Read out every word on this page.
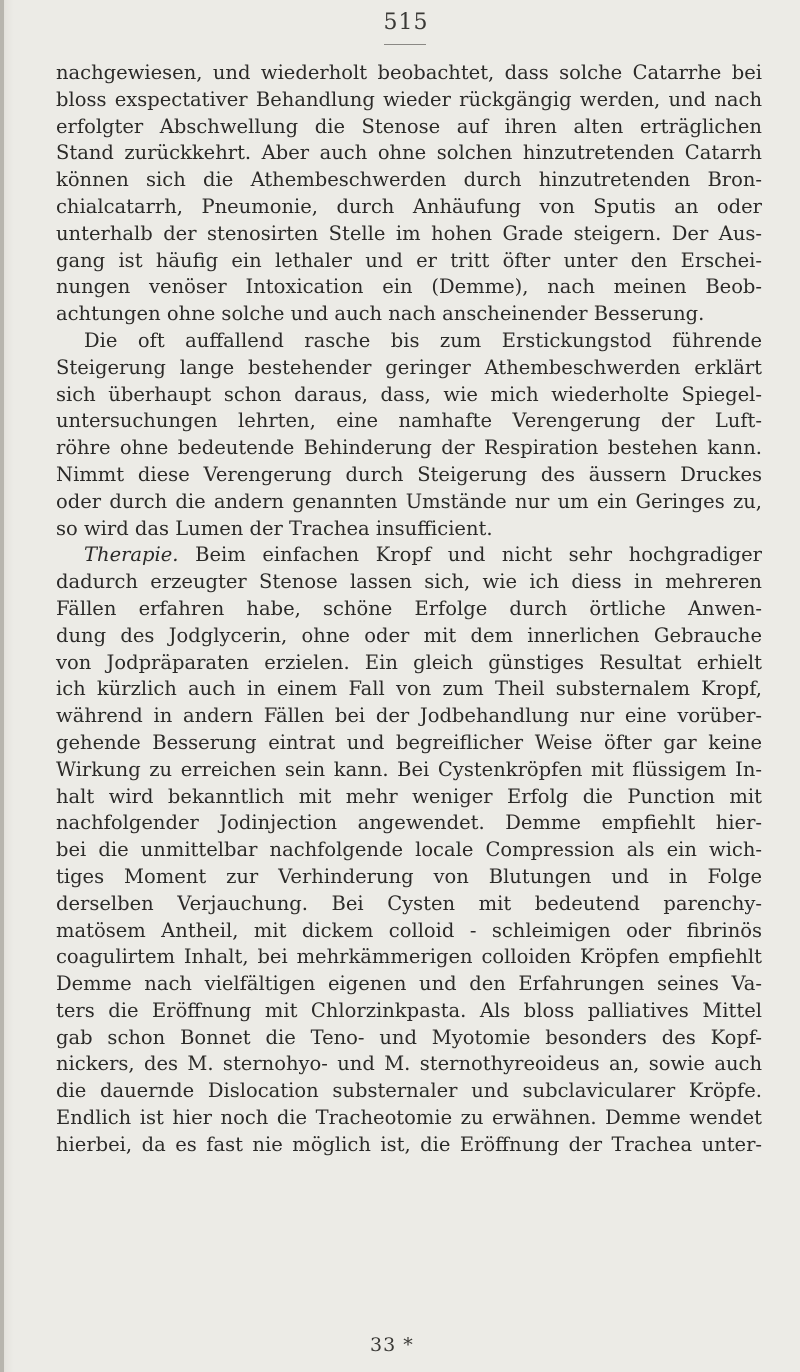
515
nachgewiesen, und wiederholt beobachtet, dass solche Catarrhe bei
bloss exspectativer Behandlung wieder rückgängig werden, und nach
erfolgter Abschwellung die Stenose auf ihren alten erträglichen
Stand zurückkehrt. Aber auch ohne solchen hinzutretenden Catarrh
können sich die Athembeschwerden durch hinzutretenden Bron-
chialcatarrh, Pneumonie, durch Anhäufung von Sputis an oder
unterhalb der stenosirten Stelle im hohen Grade steigern. Der Aus-
gang ist häufig ein lethaler und er tritt öfter unter den Erschei-
nungen venöser Intoxication ein (Demme), nach meinen Beob-
achtungen ohne solche und auch nach anscheinender Besserung.
Die oft auffallend rasche bis zum Erstickungstod führende
Steigerung lange bestehender geringer Athembeschwerden erklärt
sich überhaupt schon daraus, dass, wie mich wiederholte Spiegel-
untersuchungen lehrten, eine namhafte Verengerung der Luft-
röhre ohne bedeutende Behinderung der Respiration bestehen kann.
Nimmt diese Verengerung durch Steigerung des äussern Druckes
oder durch die andern genannten Umstände nur um ein Geringes zu,
so wird das Lumen der Trachea insufficient.
Therapie. Beim einfachen Kropf und nicht sehr hochgradiger
dadurch erzeugter Stenose lassen sich, wie ich diess in mehreren
Fällen erfahren habe, schöne Erfolge durch örtliche Anwen-
dung des Jodglycerin, ohne oder mit dem innerlichen Gebrauche
von Jodpräparaten erzielen. Ein gleich günstiges Resultat erhielt
ich kürzlich auch in einem Fall von zum Theil substernalem Kropf,
während in andern Fällen bei der Jodbehandlung nur eine vorüber-
gehende Besserung eintrat und begreiflicher Weise öfter gar keine
Wirkung zu erreichen sein kann. Bei Cystenkröpfen mit flüssigem In-
halt wird bekanntlich mit mehr weniger Erfolg die Punction mit
nachfolgender Jodinjection angewendet. Demme empfiehlt hier-
bei die unmittelbar nachfolgende locale Compression als ein wich-
tiges Moment zur Verhinderung von Blutungen und in Folge
derselben Verjauchung. Bei Cysten mit bedeutend parenchy-
matösem Antheil, mit dickem colloid - schleimigen oder fibrinös
coagulirtem Inhalt, bei mehrkämmerigen colloiden Kröpfen empfiehlt
Demme nach vielfältigen eigenen und den Erfahrungen seines Va-
ters die Eröffnung mit Chlorzinkpasta. Als bloss palliatives Mittel
gab schon Bonnet die Teno- und Myotomie besonders des Kopf-
nickers, des M. sternohyo- und M. sternothyreoideus an, sowie auch
die dauernde Dislocation substernaler und subclavicularer Kröpfe.
Endlich ist hier noch die Tracheotomie zu erwähnen. Demme wendet
hierbei, da es fast nie möglich ist, die Eröffnung der Trachea unter-
33 *
